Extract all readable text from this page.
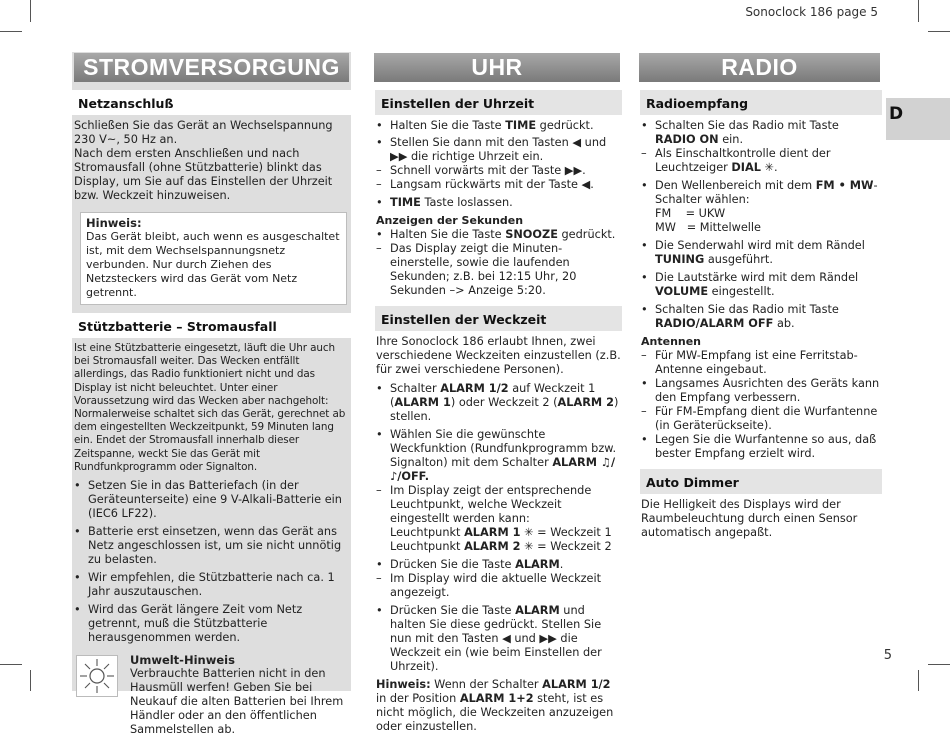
Sonoclock 186 page 5
D
5
STROMVERSORGUNG
Netzanschluß
Schließen Sie das Gerät an Wechselspannung 230 V~, 50 Hz an.
Nach dem ersten Anschließen und nach Stromausfall (ohne Stützbatterie) blinkt das Display, um Sie auf das Einstellen der Uhrzeit bzw. Weckzeit hinzuweisen.
Hinweis:
Das Gerät bleibt, auch wenn es ausgeschaltet ist, mit dem Wechselspannungsnetz verbunden. Nur durch Ziehen des Netzsteckers wird das Gerät vom Netz getrennt.
Stützbatterie – Stromausfall
Ist eine Stützbatterie eingesetzt, läuft die Uhr auch bei Stromausfall weiter. Das Wecken entfällt allerdings, das Radio funktioniert nicht und das Display ist nicht beleuchtet. Unter einer Voraussetzung wird das Wecken aber nachgeholt: Normalerweise schaltet sich das Gerät, gerechnet ab dem eingestellten Weckzeitpunkt, 59 Minuten lang ein. Endet der Stromausfall innerhalb dieser Zeitspanne, weckt Sie das Gerät mit Rundfunkprogramm oder Signalton.
• Setzen Sie in das Batteriefach (in der Geräteunterseite) eine 9 V-Alkali-Batterie ein (IEC6 LF22).
• Batterie erst einsetzen, wenn das Gerät ans Netz angeschlossen ist, um sie nicht unnötig zu belasten.
• Wir empfehlen, die Stützbatterie nach ca. 1 Jahr auszutauschen.
• Wird das Gerät längere Zeit vom Netz getrennt, muß die Stützbatterie herausgenommen werden.
Umwelt-Hinweis
Verbrauchte Batterien nicht in den Hausmüll werfen! Geben Sie bei Neukauf die alten Batterien bei Ihrem Händler oder an den öffentlichen Sammelstellen ab.
UHR
Einstellen der Uhrzeit
• Halten Sie die Taste TIME gedrückt.
• Stellen Sie dann mit den Tasten ◀ und ▶▶ die richtige Uhrzeit ein.
– Schnell vorwärts mit der Taste ▶▶.
– Langsam rückwärts mit der Taste ◀.
• TIME Taste loslassen.
Anzeigen der Sekunden
• Halten Sie die Taste SNOOZE gedrückt.
– Das Display zeigt die Minuten-einerstelle, sowie die laufenden Sekunden; z.B. bei 12:15 Uhr, 20 Sekunden –> Anzeige 5:20.
Einstellen der Weckzeit
Ihre Sonoclock 186 erlaubt Ihnen, zwei verschiedene Weckzeiten einzustellen (z.B. für zwei verschiedene Personen).
• Schalter ALARM 1/2 auf Weckzeit 1 (ALARM 1) oder Weckzeit 2 (ALARM 2) stellen.
• Wählen Sie die gewünschte Weckfunktion (Rundfunkprogramm bzw. Signalton) mit dem Schalter ALARM ♫/♪/OFF.
– Im Display zeigt der entsprechende Leuchtpunkt, welche Weckzeit eingestellt werden kann:
Leuchtpunkt ALARM 1 ✳ = Weckzeit 1
Leuchtpunkt ALARM 2 ✳ = Weckzeit 2
• Drücken Sie die Taste ALARM.
– Im Display wird die aktuelle Weckzeit angezeigt.
• Drücken Sie die Taste ALARM und halten Sie diese gedrückt. Stellen Sie nun mit den Tasten ◀ und ▶▶ die Weckzeit ein (wie beim Einstellen der Uhrzeit).
Hinweis: Wenn der Schalter ALARM 1/2 in der Position ALARM 1+2 steht, ist es nicht möglich, die Weckzeiten anzuzeigen oder einzustellen.
RADIO
Radioempfang
• Schalten Sie das Radio mit Taste RADIO ON ein.
– Als Einschaltkontrolle dient der Leuchtzeiger DIAL ✳.
• Den Wellenbereich mit dem FM • MW-Schalter wählen:
FM    = UKW
MW   = Mittelwelle
• Die Senderwahl wird mit dem Rändel TUNING ausgeführt.
• Die Lautstärke wird mit dem Rändel VOLUME eingestellt.
• Schalten Sie das Radio mit Taste RADIO/ALARM OFF ab.
Antennen
– Für MW-Empfang ist eine Ferritstab-Antenne eingebaut.
• Langsames Ausrichten des Geräts kann den Empfang verbessern.
– Für FM-Empfang dient die Wurfantenne (in Geräterückseite).
• Legen Sie die Wurfantenne so aus, daß bester Empfang erzielt wird.
Auto Dimmer
Die Helligkeit des Displays wird der Raumbeleuchtung durch einen Sensor automatisch angepaßt.
